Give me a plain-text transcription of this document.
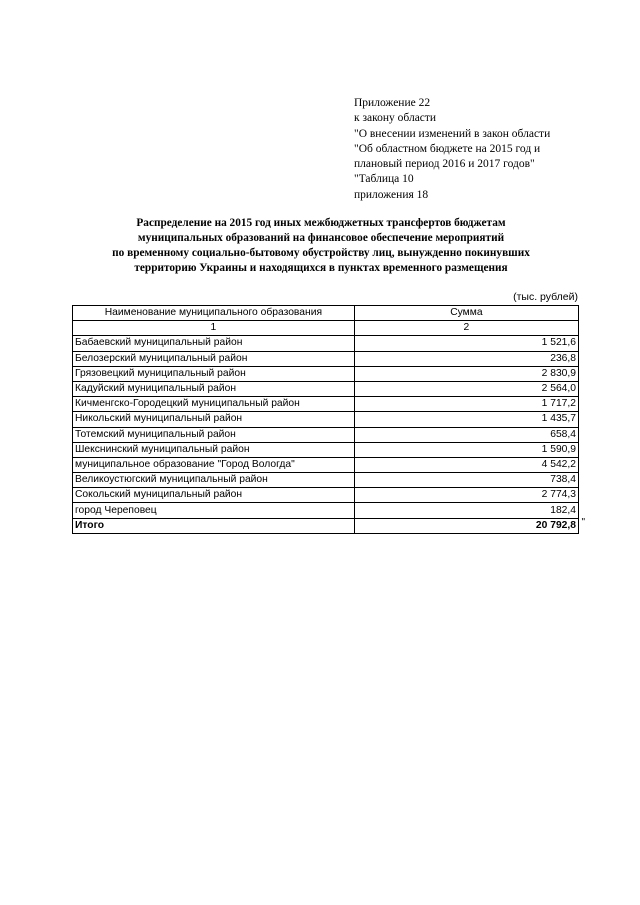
Приложение 22
к закону области
"О внесении изменений в закон области
"Об областном бюджете на 2015 год и
плановый период 2016 и 2017 годов"
"Таблица 10
приложения 18
Распределение на 2015 год иных межбюджетных трансфертов бюджетам
муниципальных образований на финансовое обеспечение мероприятий
по временному социально-бытовому обустройству лиц, вынужденно покинувших
территорию Украины и находящихся в пунктах временного размещения
(тыс. рублей)
Наименование муниципального образования	Сумма
1	2
Бабаевский муниципальный район	1 521,6
Белозерский муниципальный район	236,8
Грязовецкий муниципальный район	2 830,9
Кадуйский муниципальный район	2 564,0
Кичменгско-Городецкий муниципальный район	1 717,2
Никольский муниципальный район	1 435,7
Тотемский муниципальный район	658,4
Шекснинский муниципальный район	1 590,9
муниципальное образование "Город Вологда"	4 542,2
Великоустюгский муниципальный район	738,4
Сокольский муниципальный район	2 774,3
город Череповец	182,4
Итого	20 792,8 "
